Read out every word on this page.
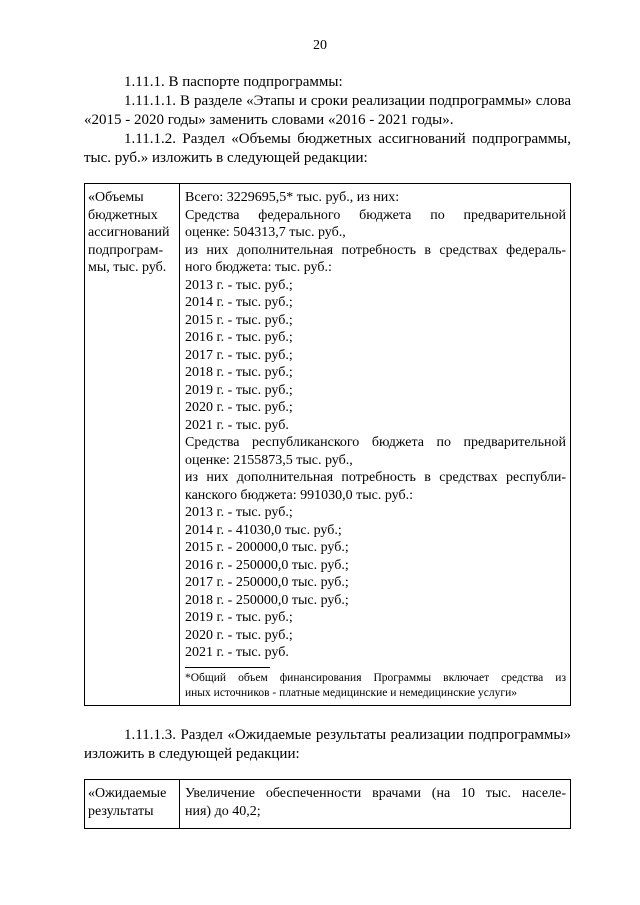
20

1.11.1. В паспорте подпрограммы:

1.11.1.1. В разделе «Этапы и сроки реализации подпрограммы» слова «2015 - 2020 годы» заменить словами «2016 - 2021 годы».

1.11.1.2. Раздел «Объемы бюджетных ассигнований подпрограммы, тыс. руб.» изложить в следующей редакции:

«Объемы
бюджетных
ассигнований
подпрограм-
мы, тыс. руб.
Всего: 3229695,5* тыс. руб., из них:
Средства федерального бюджета по предварительной
оценке: 504313,7 тыс. руб.,
из них дополнительная потребность в средствах федераль-
ного бюджета: тыс. руб.:
2013 г. - тыс. руб.;
2014 г. - тыс. руб.;
2015 г. - тыс. руб.;
2016 г. - тыс. руб.;
2017 г. - тыс. руб.;
2018 г. - тыс. руб.;
2019 г. - тыс. руб.;
2020 г. - тыс. руб.;
2021 г. - тыс. руб.
Средства республиканского бюджета по предварительной
оценке: 2155873,5 тыс. руб.,
из них дополнительная потребность в средствах республи-
канского бюджета: 991030,0 тыс. руб.:
2013 г. - тыс. руб.;
2014 г. - 41030,0 тыс. руб.;
2015 г. - 200000,0 тыс. руб.;
2016 г. - 250000,0 тыс. руб.;
2017 г. - 250000,0 тыс. руб.;
2018 г. - 250000,0 тыс. руб.;
2019 г. - тыс. руб.;
2020 г. - тыс. руб.;
2021 г. - тыс. руб.
*Общий объем финансирования Программы включает средства из
иных источников - платные медицинские и немедицинские услуги»

1.11.1.3. Раздел «Ожидаемые результаты реализации подпрограммы» изложить в следующей редакции:

«Ожидаемые
результаты
Увеличение обеспеченности врачами (на 10 тыс. населе-
ния) до 40,2;
